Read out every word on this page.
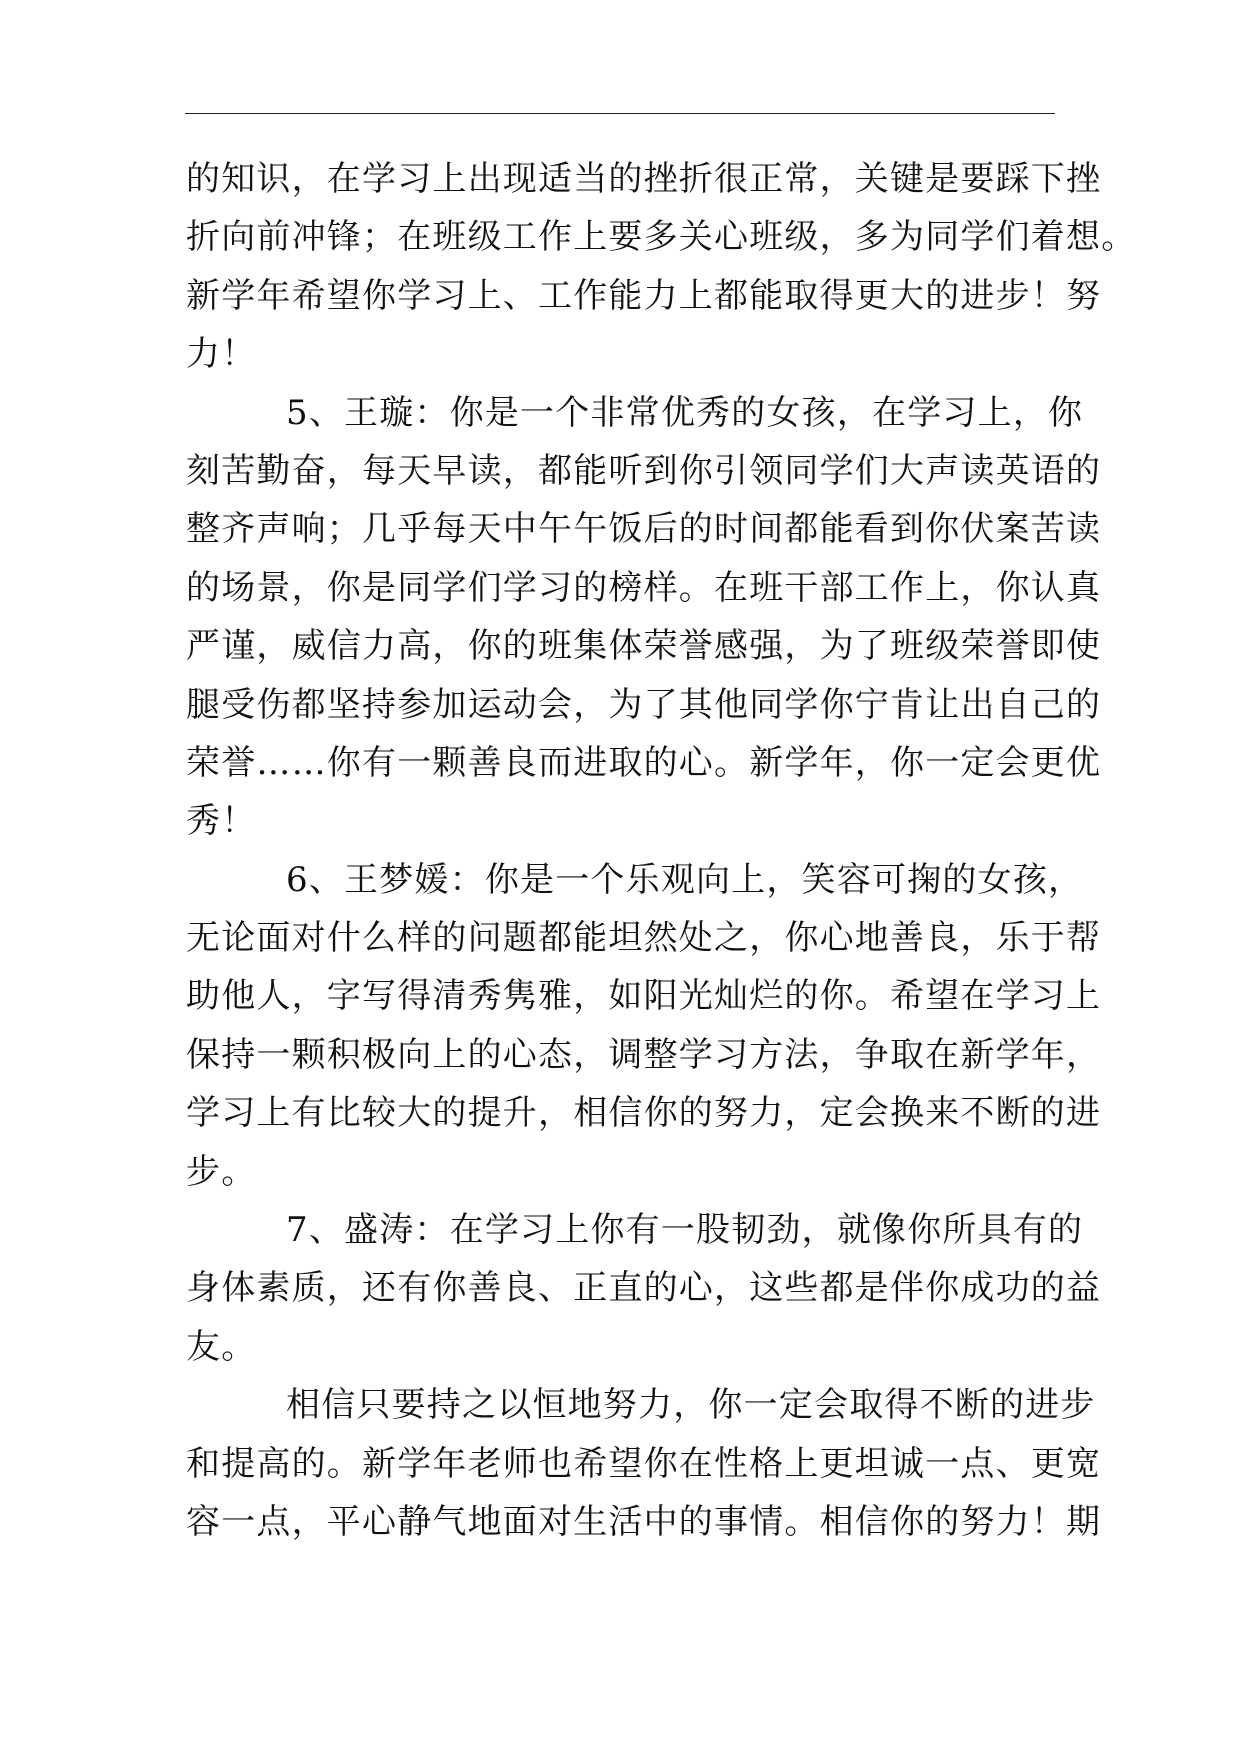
的知识，在学习上出现适当的挫折很正常，关键是要踩下挫
折向前冲锋；在班级工作上要多关心班级，多为同学们着想。
新学年希望你学习上、工作能力上都能取得更大的进步！努
力！
5、王璇：你是一个非常优秀的女孩，在学习上，你
刻苦勤奋，每天早读，都能听到你引领同学们大声读英语的
整齐声响；几乎每天中午午饭后的时间都能看到你伏案苦读
的场景，你是同学们学习的榜样。在班干部工作上，你认真
严谨，威信力高，你的班集体荣誉感强，为了班级荣誉即使
腿受伤都坚持参加运动会，为了其他同学你宁肯让出自己的
荣誉……你有一颗善良而进取的心。新学年，你一定会更优
秀！
6、王梦媛：你是一个乐观向上，笑容可掬的女孩，
无论面对什么样的问题都能坦然处之，你心地善良，乐于帮
助他人，字写得清秀隽雅，如阳光灿烂的你。希望在学习上
保持一颗积极向上的心态，调整学习方法，争取在新学年，
学习上有比较大的提升，相信你的努力，定会换来不断的进
步。
7、盛涛：在学习上你有一股韧劲，就像你所具有的
身体素质，还有你善良、正直的心，这些都是伴你成功的益
友。
相信只要持之以恒地努力，你一定会取得不断的进步
和提高的。新学年老师也希望你在性格上更坦诚一点、更宽
容一点，平心静气地面对生活中的事情。相信你的努力！期
